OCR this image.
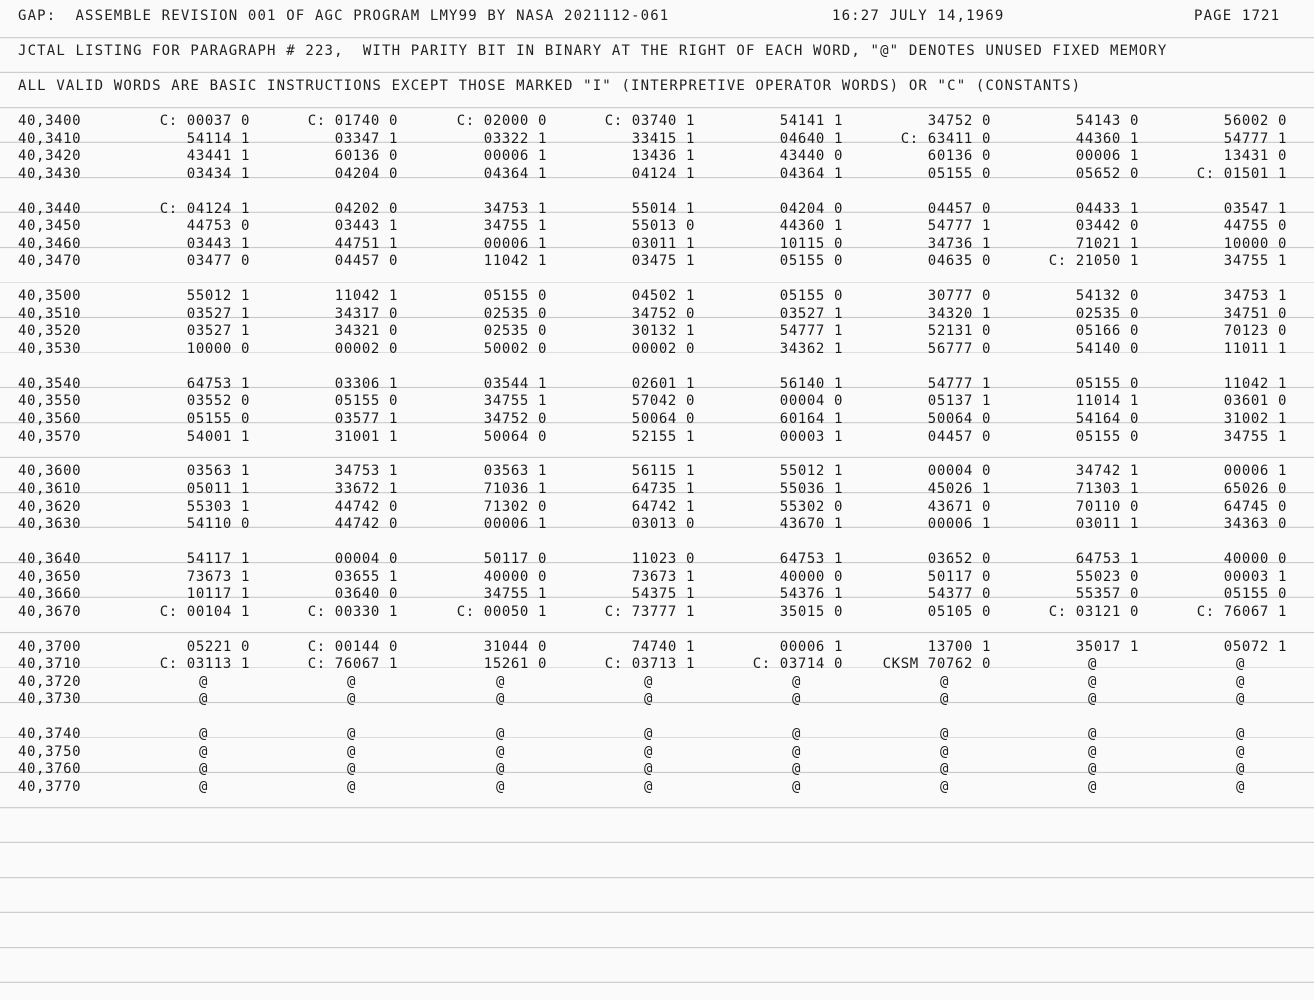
GAP:  ASSEMBLE REVISION 001 OF AGC PROGRAM LMY99 BY NASA 2021112-061	16:27 JULY 14,1969	PAGE 1721
JCTAL LISTING FOR PARAGRAPH # 223,  WITH PARITY BIT IN BINARY AT THE RIGHT OF EACH WORD, "@" DENOTES UNUSED FIXED MEMORY
ALL VALID WORDS ARE BASIC INSTRUCTIONS EXCEPT THOSE MARKED "I" (INTERPRETIVE OPERATOR WORDS) OR "C" (CONSTANTS)
40,3400	C: 00037 0	C: 01740 0	C: 02000 0	C: 03740 1	54141 1	34752 0	54143 0	56002 0
40,3410	54114 1	03347 1	03322 1	33415 1	04640 1	C: 63411 0	44360 1	54777 1
40,3420	43441 1	60136 0	00006 1	13436 1	43440 0	60136 0	00006 1	13431 0
40,3430	03434 1	04204 0	04364 1	04124 1	04364 1	05155 0	05652 0	C: 01501 1
40,3440	C: 04124 1	04202 0	34753 1	55014 1	04204 0	04457 0	04433 1	03547 1
40,3450	44753 0	03443 1	34755 1	55013 0	44360 1	54777 1	03442 0	44755 0
40,3460	03443 1	44751 1	00006 1	03011 1	10115 0	34736 1	71021 1	10000 0
40,3470	03477 0	04457 0	11042 1	03475 1	05155 0	04635 0	C: 21050 1	34755 1
40,3500	55012 1	11042 1	05155 0	04502 1	05155 0	30777 0	54132 0	34753 1
40,3510	03527 1	34317 0	02535 0	34752 0	03527 1	34320 1	02535 0	34751 0
40,3520	03527 1	34321 0	02535 0	30132 1	54777 1	52131 0	05166 0	70123 0
40,3530	10000 0	00002 0	50002 0	00002 0	34362 1	56777 0	54140 0	11011 1
40,3540	64753 1	03306 1	03544 1	02601 1	56140 1	54777 1	05155 0	11042 1
40,3550	03552 0	05155 0	34755 1	57042 0	00004 0	05137 1	11014 1	03601 0
40,3560	05155 0	03577 1	34752 0	50064 0	60164 1	50064 0	54164 0	31002 1
40,3570	54001 1	31001 1	50064 0	52155 1	00003 1	04457 0	05155 0	34755 1
40,3600	03563 1	34753 1	03563 1	56115 1	55012 1	00004 0	34742 1	00006 1
40,3610	05011 1	33672 1	71036 1	64735 1	55036 1	45026 1	71303 1	65026 0
40,3620	55303 1	44742 0	71302 0	64742 1	55302 0	43671 0	70110 0	64745 0
40,3630	54110 0	44742 0	00006 1	03013 0	43670 1	00006 1	03011 1	34363 0
40,3640	54117 1	00004 0	50117 0	11023 0	64753 1	03652 0	64753 1	40000 0
40,3650	73673 1	03655 1	40000 0	73673 1	40000 0	50117 0	55023 0	00003 1
40,3660	10117 1	03640 0	34755 1	54375 1	54376 1	54377 0	55357 0	05155 0
40,3670	C: 00104 1	C: 00330 1	C: 00050 1	C: 73777 1	35015 0	05105 0	C: 03121 0	C: 76067 1
40,3700	05221 0	C: 00144 0	31044 0	74740 1	00006 1	13700 1	35017 1	05072 1
40,3710	C: 03113 1	C: 76067 1	15261 0	C: 03713 1	C: 03714 0	CKSM 70762 0	@	@
40,3720	@	@	@	@	@	@	@	@
40,3730	@	@	@	@	@	@	@	@
40,3740	@	@	@	@	@	@	@	@
40,3750	@	@	@	@	@	@	@	@
40,3760	@	@	@	@	@	@	@	@
40,3770	@	@	@	@	@	@	@	@
